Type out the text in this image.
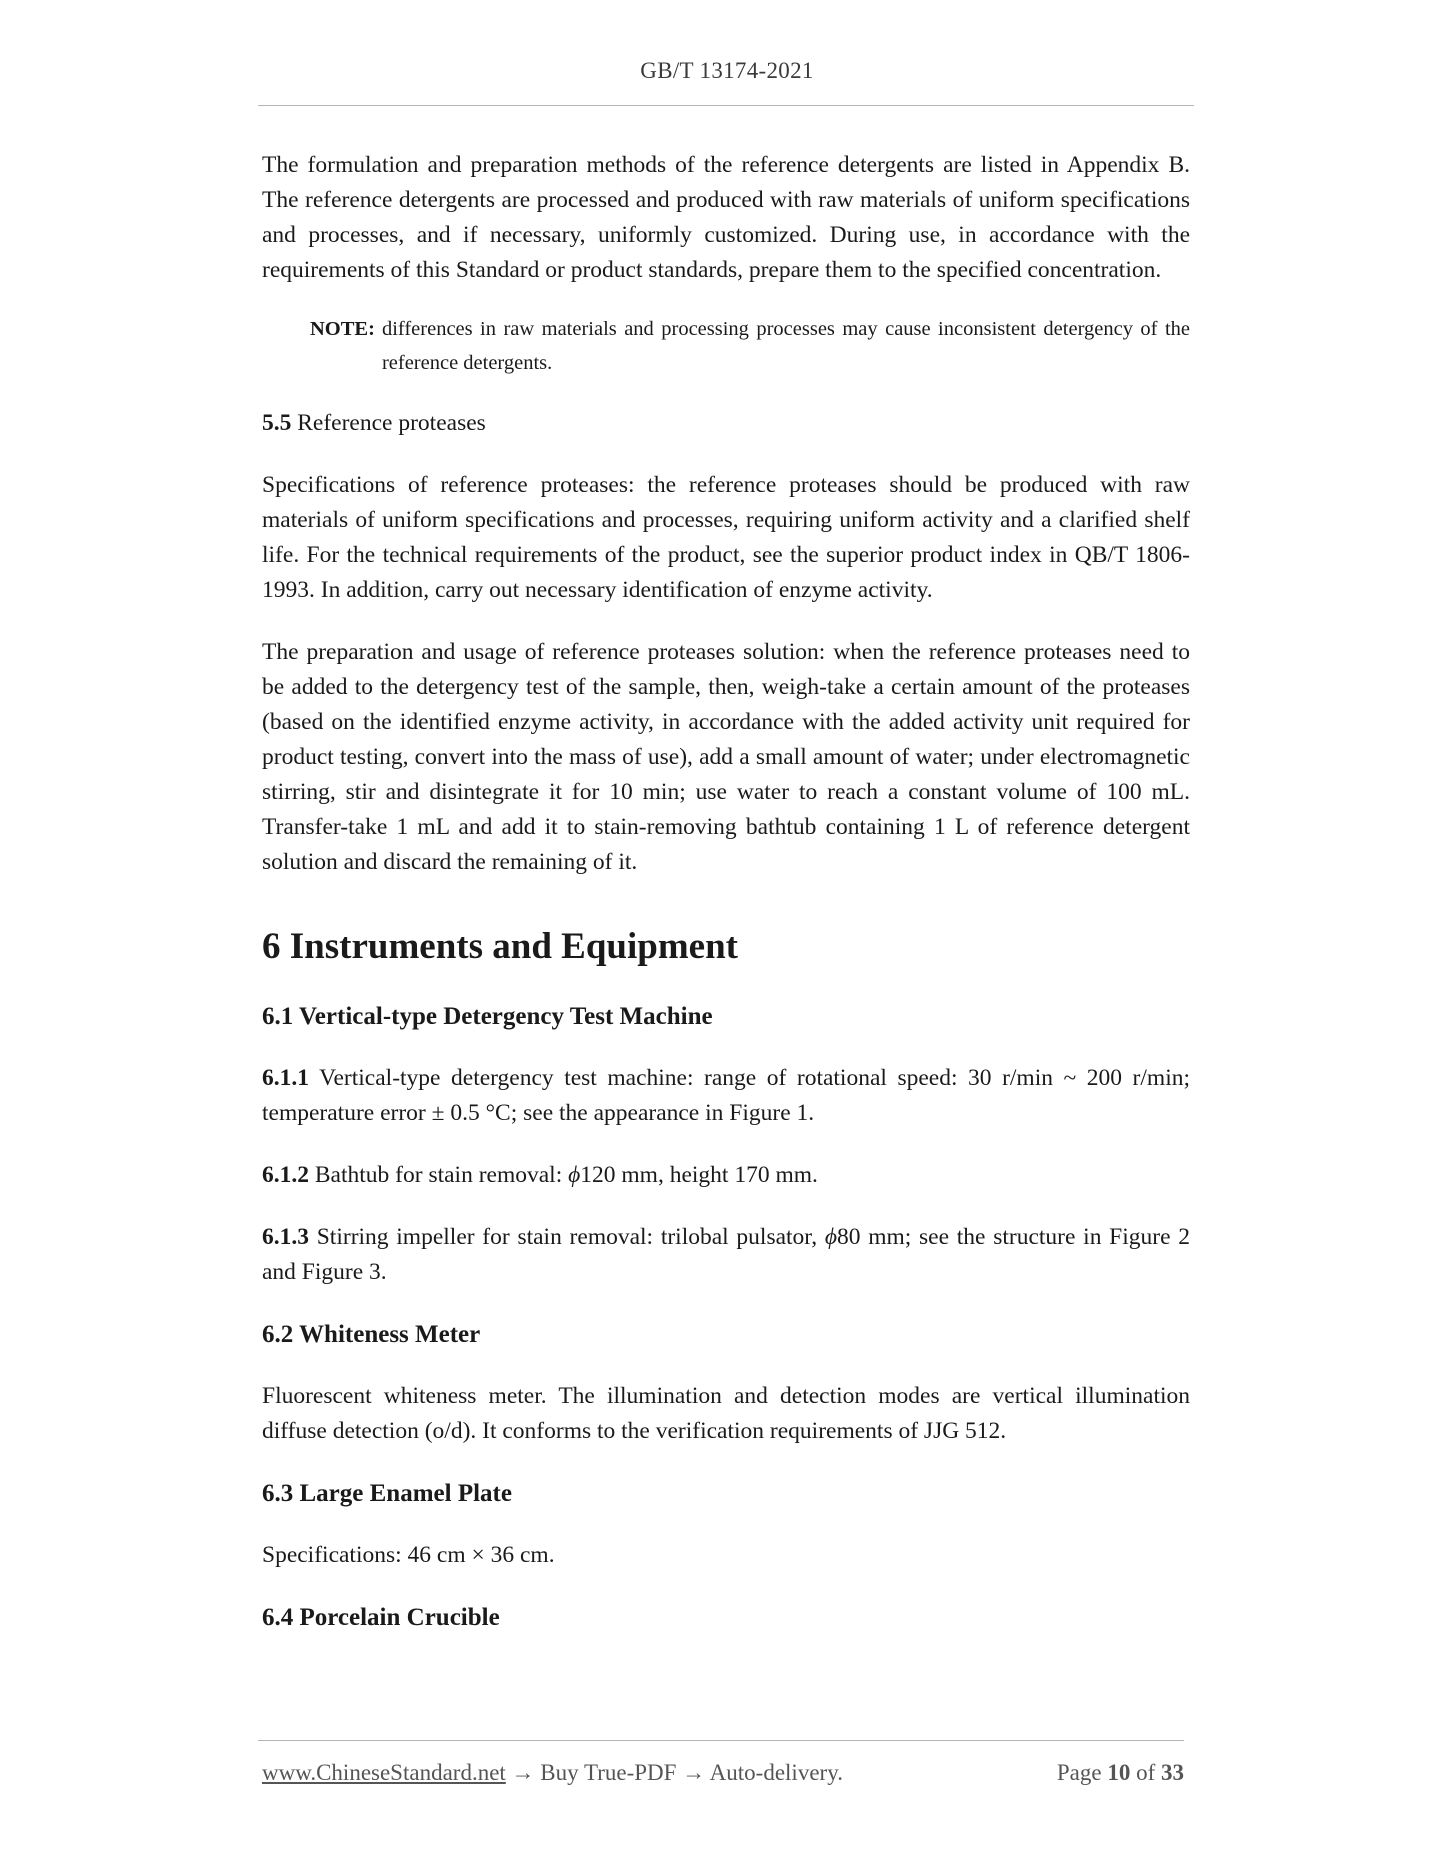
GB/T 13174-2021

The formulation and preparation methods of the reference detergents are listed in Appendix B. The reference detergents are processed and produced with raw materials of uniform specifications and processes, and if necessary, uniformly customized. During use, in accordance with the requirements of this Standard or product standards, prepare them to the specified concentration.

NOTE: differences in raw materials and processing processes may cause inconsistent detergency of the reference detergents.
5.5 Reference proteases

Specifications of reference proteases: the reference proteases should be produced with raw materials of uniform specifications and processes, requiring uniform activity and a clarified shelf life. For the technical requirements of the product, see the superior product index in QB/T 1806-1993. In addition, carry out necessary identification of enzyme activity.

The preparation and usage of reference proteases solution: when the reference proteases need to be added to the detergency test of the sample, then, weigh-take a certain amount of the proteases (based on the identified enzyme activity, in accordance with the added activity unit required for product testing, convert into the mass of use), add a small amount of water; under electromagnetic stirring, stir and disintegrate it for 10 min; use water to reach a constant volume of 100 mL. Transfer-take 1 mL and add it to stain-removing bathtub containing 1 L of reference detergent solution and discard the remaining of it.

6 Instruments and Equipment
6.1 Vertical-type Detergency Test Machine

6.1.1 Vertical-type detergency test machine: range of rotational speed: 30 r/min ~ 200 r/min; temperature error ± 0.5 °C; see the appearance in Figure 1.

6.1.2 Bathtub for stain removal: ϕ120 mm, height 170 mm.

6.1.3 Stirring impeller for stain removal: trilobal pulsator, ϕ80 mm; see the structure in Figure 2 and Figure 3.

6.2 Whiteness Meter

Fluorescent whiteness meter. The illumination and detection modes are vertical illumination diffuse detection (o/d). It conforms to the verification requirements of JJG 512.

6.3 Large Enamel Plate

Specifications: 46 cm × 36 cm.

6.4 Porcelain Crucible
www.ChineseStandard.net → Buy True-PDF → Auto-delivery.	Page 10 of 33
